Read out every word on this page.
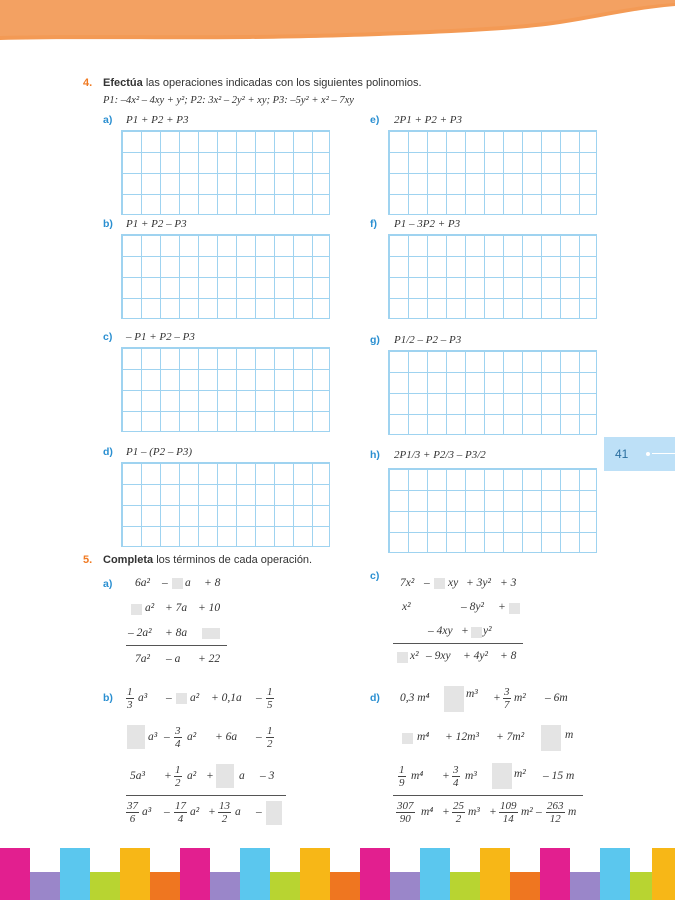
4. Efectúa las operaciones indicadas con los siguientes polinomios.
P1: –4x² – 4xy + y²; P2: 3x² – 2y² + xy; P3: –5y² + x² – 7xy
a) P1 + P2 + P3
b) P1 + P2 – P3
c) – P1 + P2 – P3
d) P1 – (P2 – P3)
e) 2P1 + P2 + P3
f) P1 – 3P2 + P3
g) P1/2 – P2 – P3
h) 2P1/3 + P2/3 – P3/2	41
5. Completa los términos de cada operación.
a) 6a² – a + 8
a² + 7a + 10
– 2a² + 8a
7a² – a + 22
c)
7x² – xy + 3y² + 3
x²	– 8y² +
– 4xy + y²
x² – 9xy + 4y² + 8
$b) \frac{1}{3} a^3 - a^2 + 0,1a - \frac{1}{5}$
$a^3 - \frac{3}{4} a^2 + 6a - \frac{1}{2}$
$5a^3 + \frac{1}{2} a^2 + a - 3$
$\frac{37}{6} a^3 - \frac{17}{4} a^2 + \frac{13}{2}$ a –
d) 0,3 m⁴	$m^3 + \frac{3}{7} m^2 - 6m$
m⁴ + 12m³ + 7m²	m
$\frac{1}{9} m^4 + \frac{3}{4} m^3$	m² – 15 m
$\frac{307}{90} m^4 + \frac{25}{2} m^3 + \frac{109}{14} m^2 - \frac{263}{12}$ m
